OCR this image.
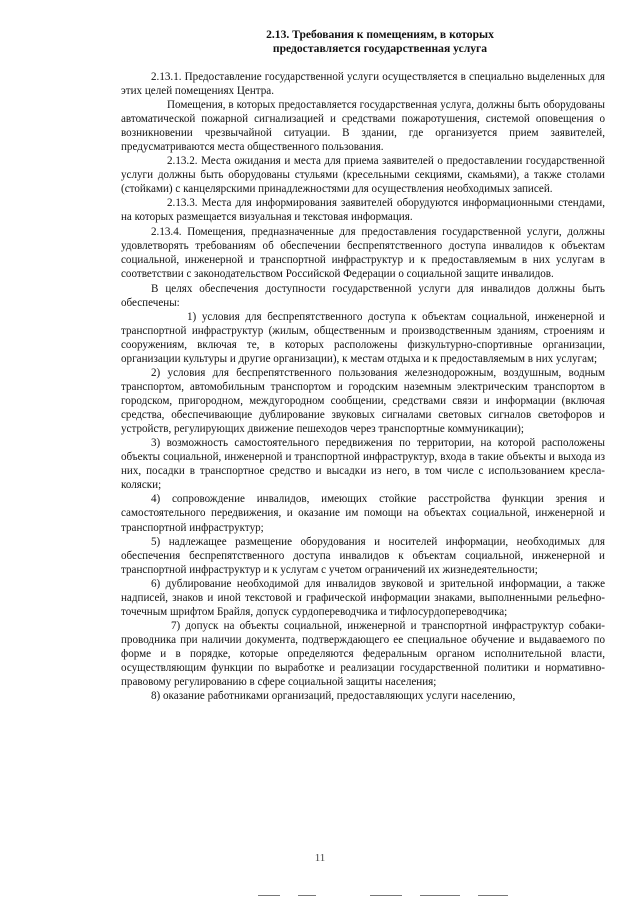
2.13. Требования к помещениям, в которых
предоставляется государственная услуга

2.13.1. Предоставление государственной услуги осуществляется в специально выделенных для этих целей помещениях Центра.

Помещения, в которых предоставляется государственная услуга, должны быть оборудованы автоматической пожарной сигнализацией и средствами пожаротушения, системой оповещения о возникновении чрезвычайной ситуации. В здании, где организуется прием заявителей, предусматриваются места общественного пользования.

2.13.2. Места ожидания и места для приема заявителей о предоставлении государственной услуги должны быть оборудованы стульями (кресельными секциями, скамьями), а также столами (стойками) с канцелярскими принадлежностями для осуществления необходимых записей.

2.13.3. Места для информирования заявителей оборудуются информационными стендами, на которых размещается визуальная и текстовая информация.

2.13.4. Помещения, предназначенные для предоставления государственной услуги, должны удовлетворять требованиям об обеспечении беспрепятственного доступа инвалидов к объектам социальной, инженерной и транспортной инфраструктур и к предоставляемым в них услугам в соответствии с законодательством Российской Федерации о социальной защите инвалидов.

В целях обеспечения доступности государственной услуги для инвалидов должны быть обеспечены:

1) условия для беспрепятственного доступа к объектам социальной, инженерной и транспортной инфраструктур (жилым, общественным и производственным зданиям, строениям и сооружениям, включая те, в которых расположены физкультурно-спортивные организации, организации культуры и другие организации), к местам отдыха и к предоставляемым в них услугам;

2) условия для беспрепятственного пользования железнодорожным, воздушным, водным транспортом, автомобильным транспортом и городским наземным электрическим транспортом в городском, пригородном, междугородном сообщении, средствами связи и информации (включая средства, обеспечивающие дублирование звуковых сигналами световых сигналов светофоров и устройств, регулирующих движение пешеходов через транспортные коммуникации);

3) возможность самостоятельного передвижения по территории, на которой расположены объекты социальной, инженерной и транспортной инфраструктур, входа в такие объекты и выхода из них, посадки в транспортное средство и высадки из него, в том числе с использованием кресла-коляски;

4) сопровождение инвалидов, имеющих стойкие расстройства функции зрения и самостоятельного передвижения, и оказание им помощи на объектах социальной, инженерной и транспортной инфраструктур;

5) надлежащее размещение оборудования и носителей информации, необходимых для обеспечения беспрепятственного доступа инвалидов к объектам социальной, инженерной и транспортной инфраструктур и к услугам с учетом ограничений их жизнедеятельности;

6) дублирование необходимой для инвалидов звуковой и зрительной информации, а также надписей, знаков и иной текстовой и графической информации знаками, выполненными рельефно-точечным шрифтом Брайля, допуск сурдопереводчика и тифлосурдопереводчика;

7) допуск на объекты социальной, инженерной и транспортной инфраструктур собаки-проводника при наличии документа, подтверждающего ее специальное обучение и выдаваемого по форме и в порядке, которые определяются федеральным органом исполнительной власти, осуществляющим функции по выработке и реализации государственной политики и нормативно-правовому регулированию в сфере социальной защиты населения;

8) оказание работниками организаций, предоставляющих услуги населению,

11
